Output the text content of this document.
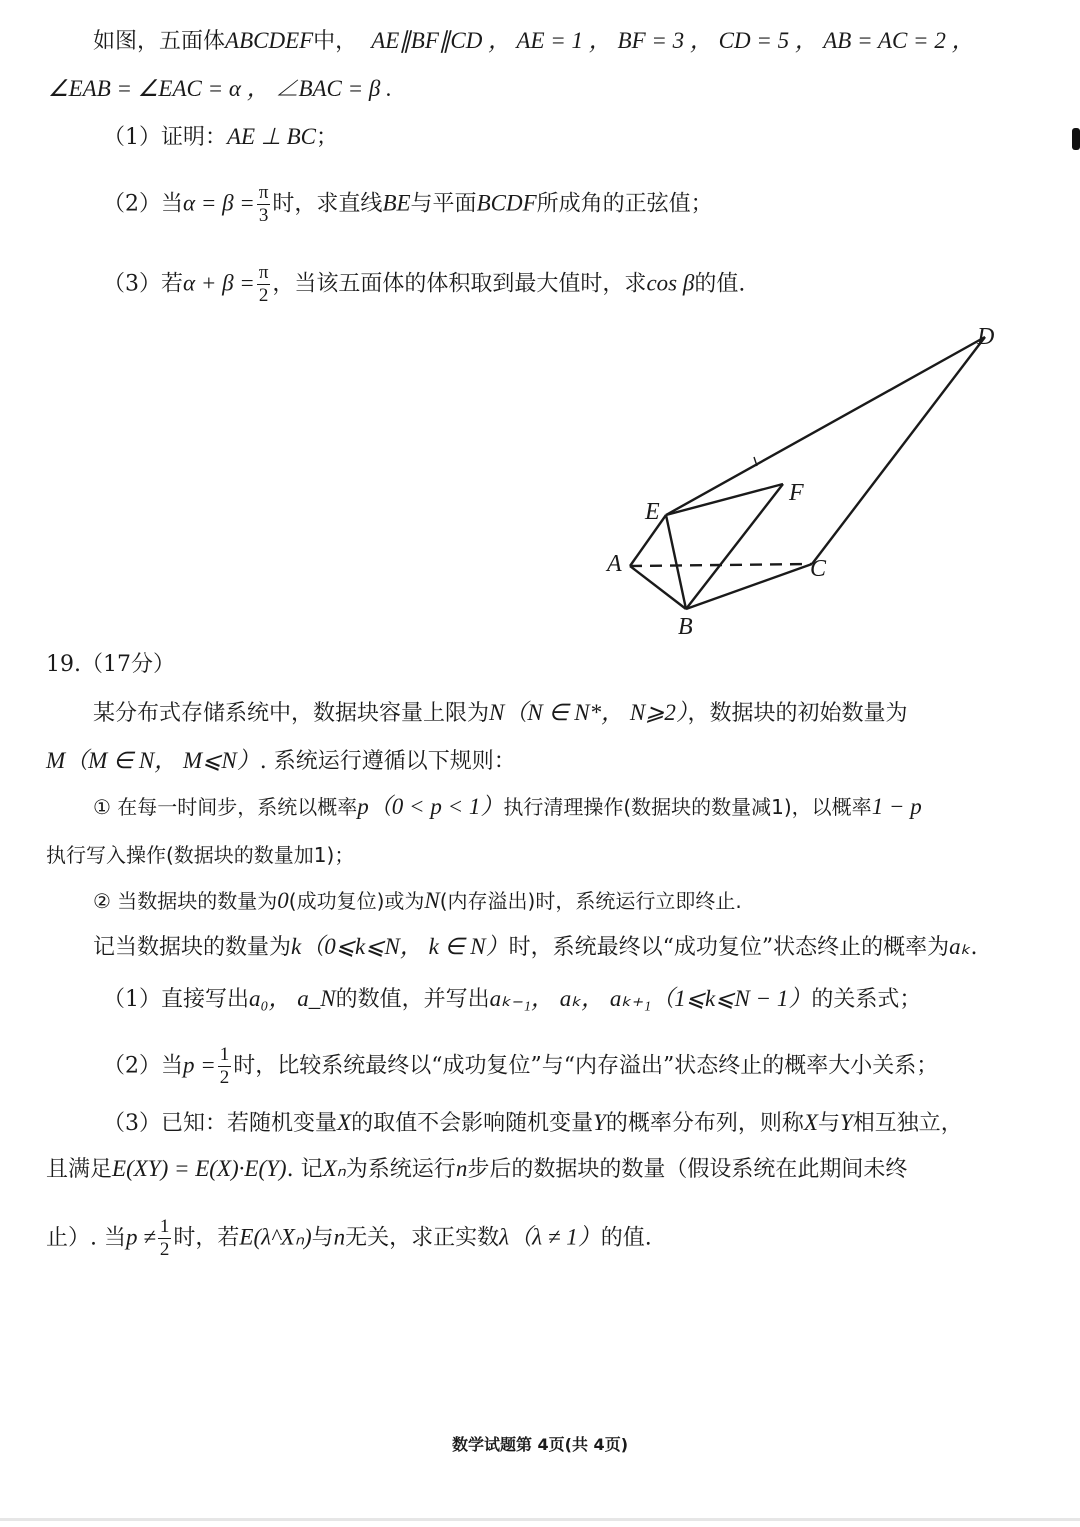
如图，五面体ABCDEF中， AE∥BF∥CD ， AE = 1 ， BF = 3 ， CD = 5 ， AB = AC = 2 ，
∠EAB = ∠EAC = α ， ∠BAC = β .
（1）证明：AE ⊥ BC；
（2）当$\alpha = \beta = \frac{\pi}{3}$ 时，求直线BE与平面BCDF所成角的正弦值；
（3）若$\alpha + \beta = \frac{\pi}{2}$ ，当该五面体的体积取到最大值时，求cos β的值.
D
F
E
A	C
B
19.（17分）
某分布式存储系统中，数据块容量上限为N（N ∈ N*， N⩾2），数据块的初始数量为
M（M ∈ N， M⩽N）. 系统运行遵循以下规则：
① 在每一时间步，系统以概率p（0 < p < 1）执行清理操作(数据块的数量减1)，以概率1 − p
执行写入操作(数据块的数量加1)；
② 当数据块的数量为0(成功复位)或为N(内存溢出)时，系统运行立即终止.
记当数据块的数量为k（0⩽k⩽N， k ∈ N）时，系统最终以“成功复位”状态终止的概率为aₖ.
（1）直接写出a₀， a_N的数值，并写出aₖ₋₁， aₖ， aₖ₊₁（1⩽k⩽N − 1）的关系式；
（2）当$p = \frac{1}{2}$ 时，比较系统最终以“成功复位”与“内存溢出”状态终止的概率大小关系；
（3）已知：若随机变量X的取值不会影响随机变量Y的概率分布列，则称X与Y相互独立，
且满足E(XY) = E(X)·E(Y). 记Xₙ为系统运行n步后的数据块的数量（假设系统在此期间未终
止）. 当$p \ne \frac{1}{2}$ 时，若E(λ^Xₙ)与n无关，求正实数λ（λ ≠ 1）的值.
数学试题第 4页(共 4页)
